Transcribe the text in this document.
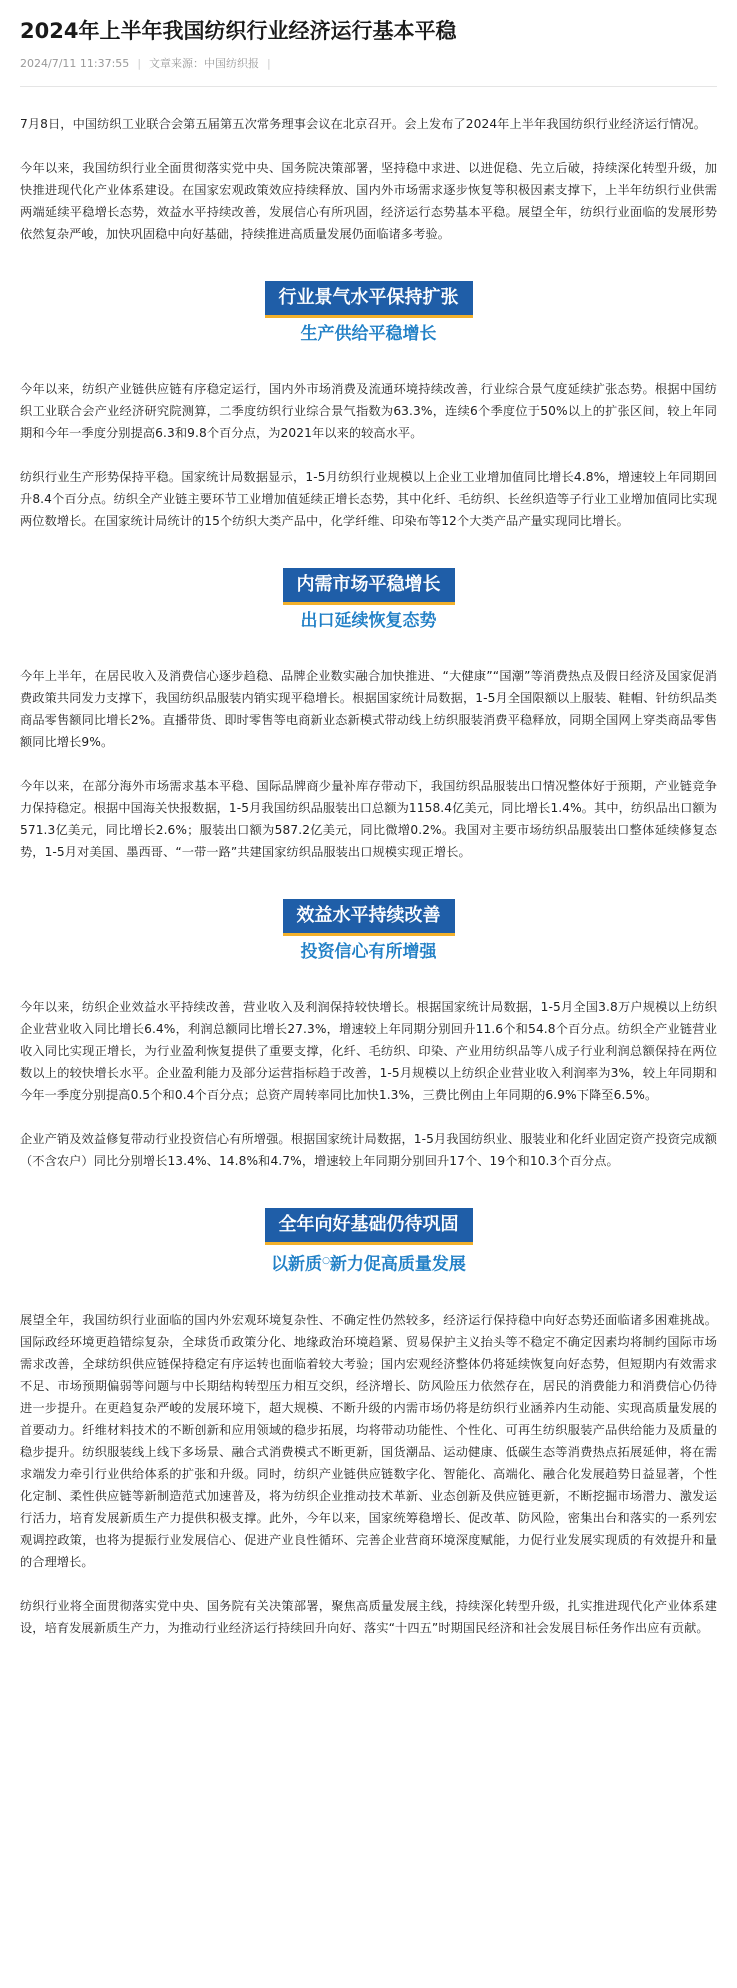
2024年上半年我国纺织行业经济运行基本平稳
2024/7/11 11:37:55 | 文章来源：中国纺织报 |

7月8日，中国纺织工业联合会第五届第五次常务理事会议在北京召开。会上发布了2024年上半年我国纺织行业经济运行情况。

今年以来，我国纺织行业全面贯彻落实党中央、国务院决策部署，坚持稳中求进、以进促稳、先立后破，持续深化转型升级，加快推进现代化产业体系建设。在国家宏观政策效应持续释放、国内外市场需求逐步恢复等积极因素支撑下，上半年纺织行业供需两端延续平稳增长态势，效益水平持续改善，发展信心有所巩固，经济运行态势基本平稳。展望全年，纺织行业面临的发展形势依然复杂严峻，加快巩固稳中向好基础，持续推进高质量发展仍面临诸多考验。

行业景气水平保持扩张
生产供给平稳增长

今年以来，纺织产业链供应链有序稳定运行，国内外市场消费及流通环境持续改善，行业综合景气度延续扩张态势。根据中国纺织工业联合会产业经济研究院测算，二季度纺织行业综合景气指数为63.3%，连续6个季度位于50%以上的扩张区间，较上年同期和今年一季度分别提高6.3和9.8个百分点，为2021年以来的较高水平。

纺织行业生产形势保持平稳。国家统计局数据显示，1-5月纺织行业规模以上企业工业增加值同比增长4.8%，增速较上年同期回升8.4个百分点。纺织全产业链主要环节工业增加值延续正增长态势，其中化纤、毛纺织、长丝织造等子行业工业增加值同比实现两位数增长。在国家统计局统计的15个纺织大类产品中，化学纤维、印染布等12个大类产品产量实现同比增长。

内需市场平稳增长
出口延续恢复态势

今年上半年，在居民收入及消费信心逐步趋稳、品牌企业数实融合加快推进、“大健康”“国潮”等消费热点及假日经济及国家促消费政策共同发力支撑下，我国纺织品服装内销实现平稳增长。根据国家统计局数据，1-5月全国限额以上服装、鞋帽、针纺织品类商品零售额同比增长2%。直播带货、即时零售等电商新业态新模式带动线上纺织服装消费平稳释放，同期全国网上穿类商品零售额同比增长9%。

今年以来，在部分海外市场需求基本平稳、国际品牌商少量补库存带动下，我国纺织品服装出口情况整体好于预期，产业链竞争力保持稳定。根据中国海关快报数据，1-5月我国纺织品服装出口总额为1158.4亿美元，同比增长1.4%。其中，纺织品出口额为571.3亿美元，同比增长2.6%；服装出口额为587.2亿美元，同比微增0.2%。我国对主要市场纺织品服装出口整体延续修复态势，1-5月对美国、墨西哥、“一带一路”共建国家纺织品服装出口规模实现正增长。

效益水平持续改善
投资信心有所增强

今年以来，纺织企业效益水平持续改善，营业收入及利润保持较快增长。根据国家统计局数据，1-5月全国3.8万户规模以上纺织企业营业收入同比增长6.4%，利润总额同比增长27.3%，增速较上年同期分别回升11.6个和54.8个百分点。纺织全产业链营业收入同比实现正增长，为行业盈利恢复提供了重要支撑，化纤、毛纺织、印染、产业用纺织品等八成子行业利润总额保持在两位数以上的较快增长水平。企业盈利能力及部分运营指标趋于改善，1-5月规模以上纺织企业营业收入利润率为3%，较上年同期和今年一季度分别提高0.5个和0.4个百分点；总资产周转率同比加快1.3%，三费比例由上年同期的6.9%下降至6.5%。

企业产销及效益修复带动行业投资信心有所增强。根据国家统计局数据，1-5月我国纺织业、服装业和化纤业固定资产投资完成额（不含农户）同比分别增长13.4%、14.8%和4.7%，增速较上年同期分别回升17个、19个和10.3个百分点。

全年向好基础仍待巩固
以新质○新力促高质量发展

展望全年，我国纺织行业面临的国内外宏观环境复杂性、不确定性仍然较多，经济运行保持稳中向好态势还面临诸多困难挑战。国际政经环境更趋错综复杂，全球货币政策分化、地缘政治环境趋紧、贸易保护主义抬头等不稳定不确定因素均将制约国际市场需求改善，全球纺织供应链保持稳定有序运转也面临着较大考验；国内宏观经济整体仍将延续恢复向好态势，但短期内有效需求不足、市场预期偏弱等问题与中长期结构转型压力相互交织，经济增长、防风险压力依然存在，居民的消费能力和消费信心仍待进一步提升。在更趋复杂严峻的发展环境下，超大规模、不断升级的内需市场仍将是纺织行业涵养内生动能、实现高质量发展的首要动力。纤维材料技术的不断创新和应用领域的稳步拓展，均将带动功能性、个性化、可再生纺织服装产品供给能力及质量的稳步提升。纺织服装线上线下多场景、融合式消费模式不断更新，国货潮品、运动健康、低碳生态等消费热点拓展延伸，将在需求端发力牵引行业供给体系的扩张和升级。同时，纺织产业链供应链数字化、智能化、高端化、融合化发展趋势日益显著，个性化定制、柔性供应链等新制造范式加速普及，将为纺织企业推动技术革新、业态创新及供应链更新，不断挖掘市场潜力、激发运行活力，培育发展新质生产力提供积极支撑。此外，今年以来，国家统筹稳增长、促改革、防风险，密集出台和落实的一系列宏观调控政策，也将为提振行业发展信心、促进产业良性循环、完善企业营商环境深度赋能，力促行业发展实现质的有效提升和量的合理增长。

纺织行业将全面贯彻落实党中央、国务院有关决策部署，聚焦高质量发展主线，持续深化转型升级，扎实推进现代化产业体系建设，培育发展新质生产力，为推动行业经济运行持续回升向好、落实“十四五”时期国民经济和社会发展目标任务作出应有贡献。
